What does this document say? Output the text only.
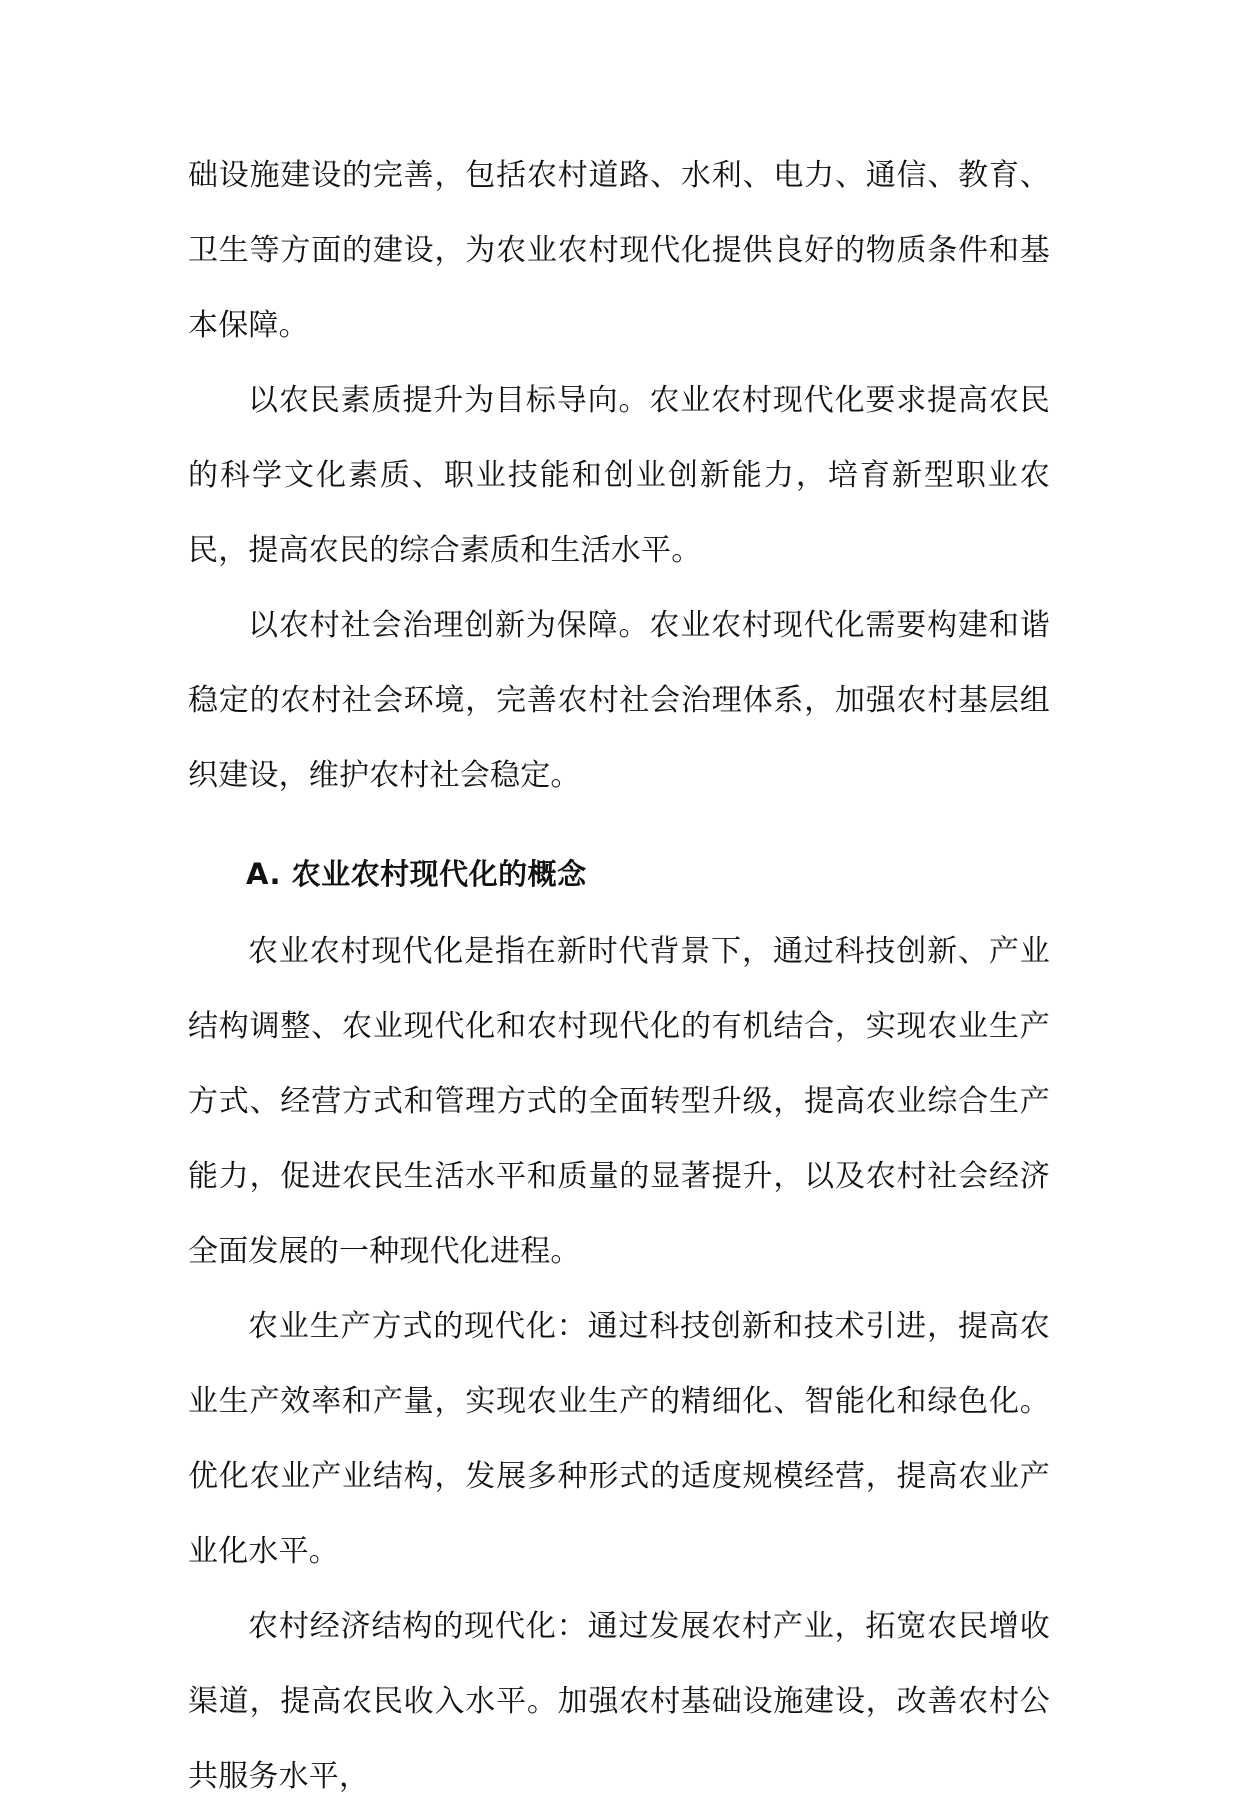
础设施建设的完善，包括农村道路、水利、电力、通信、教育、卫生等方面的建设，为农业农村现代化提供良好的物质条件和基本保障。

以农民素质提升为目标导向。农业农村现代化要求提高农民的科学文化素质、职业技能和创业创新能力，培育新型职业农民，提高农民的综合素质和生活水平。

以农村社会治理创新为保障。农业农村现代化需要构建和谐稳定的农村社会环境，完善农村社会治理体系，加强农村基层组织建设，维护农村社会稳定。

A. 农业农村现代化的概念

农业农村现代化是指在新时代背景下，通过科技创新、产业结构调整、农业现代化和农村现代化的有机结合，实现农业生产方式、经营方式和管理方式的全面转型升级，提高农业综合生产能力，促进农民生活水平和质量的显著提升，以及农村社会经济全面发展的一种现代化进程。

农业生产方式的现代化：通过科技创新和技术引进，提高农业生产效率和产量，实现农业生产的精细化、智能化和绿色化。优化农业产业结构，发展多种形式的适度规模经营，提高农业产业化水平。

农村经济结构的现代化：通过发展农村产业，拓宽农民增收渠道，提高农民收入水平。加强农村基础设施建设，改善农村公共服务水平，
